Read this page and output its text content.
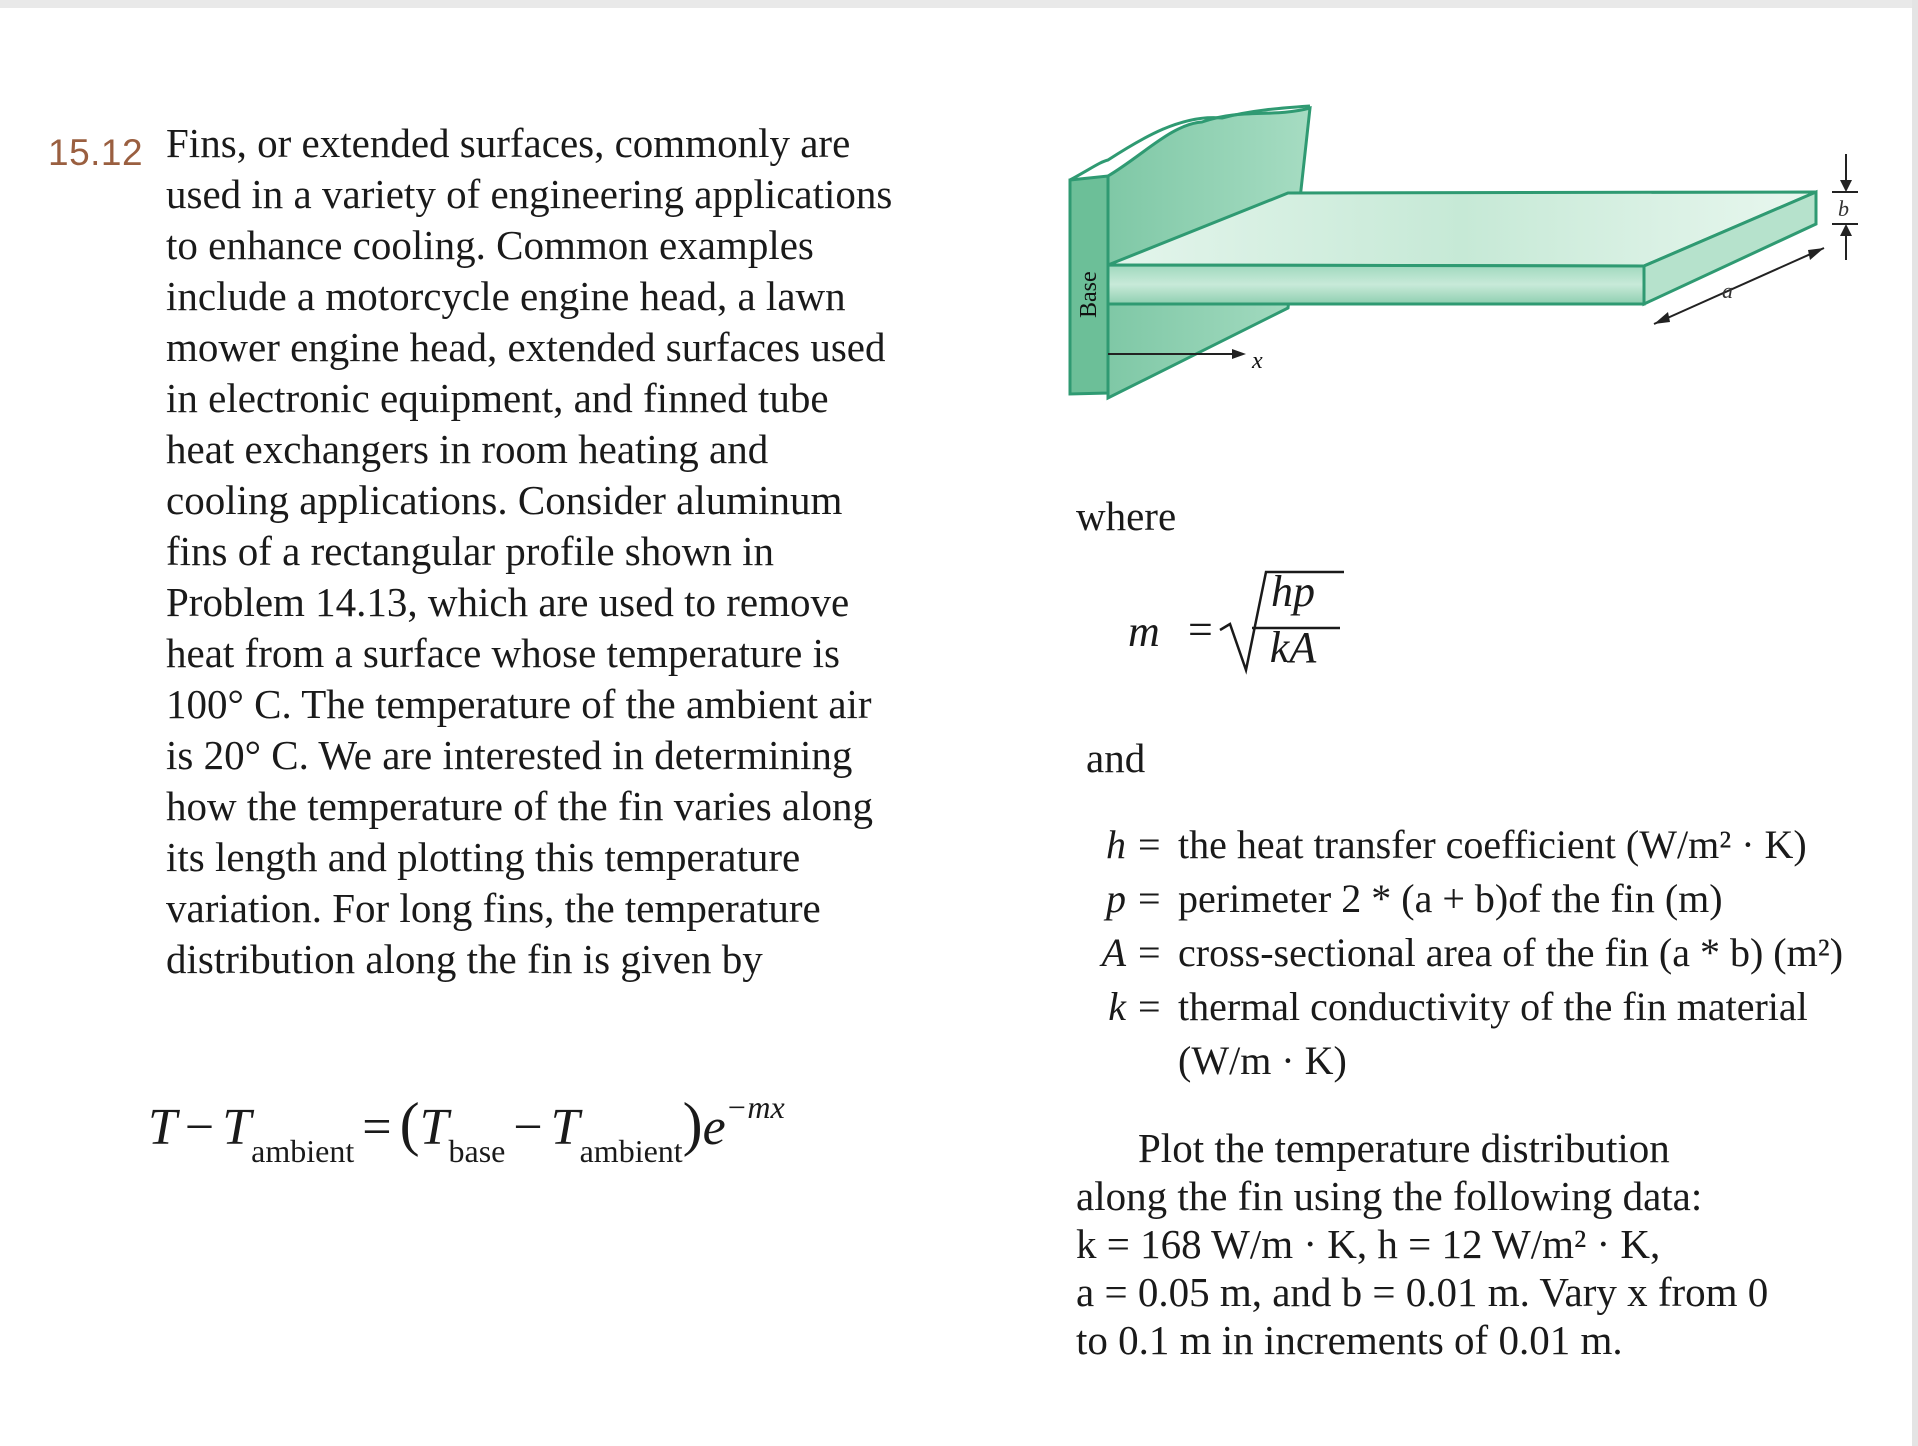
15.12 Fins, or extended surfaces, commonly are
used in a variety of engineering applications
to enhance cooling. Common examples
include a motorcycle engine head, a lawn
mower engine head, extended surfaces used
in electronic equipment, and finned tube
heat exchangers in room heating and
cooling applications. Consider aluminum
fins of a rectangular profile shown in
Problem 14.13, which are used to remove
heat from a surface whose temperature is
100° C. The temperature of the ambient air
is 20° C. We are interested in determining
how the temperature of the fin varies along
its length and plotting this temperature
variation. For long fins, the temperature
distribution along the fin is given by

$T - T_{ambient} = (T_{base} - T_{ambient})e^{-mx}$
Base
x
a
b
where
m =
hp
kA
and
h = the heat transfer coefficient (W/m² · K)
p = perimeter 2 * (a + b)of the fin (m)
A = cross-sectional area of the fin (a * b) (m²)
k = thermal conductivity of the fin material
(W/m · K)

Plot the temperature distribution
along the fin using the following data:
k = 168 W/m · K, h = 12 W/m² · K,
a = 0.05 m, and b = 0.01 m. Vary x from 0
to 0.1 m in increments of 0.01 m.
